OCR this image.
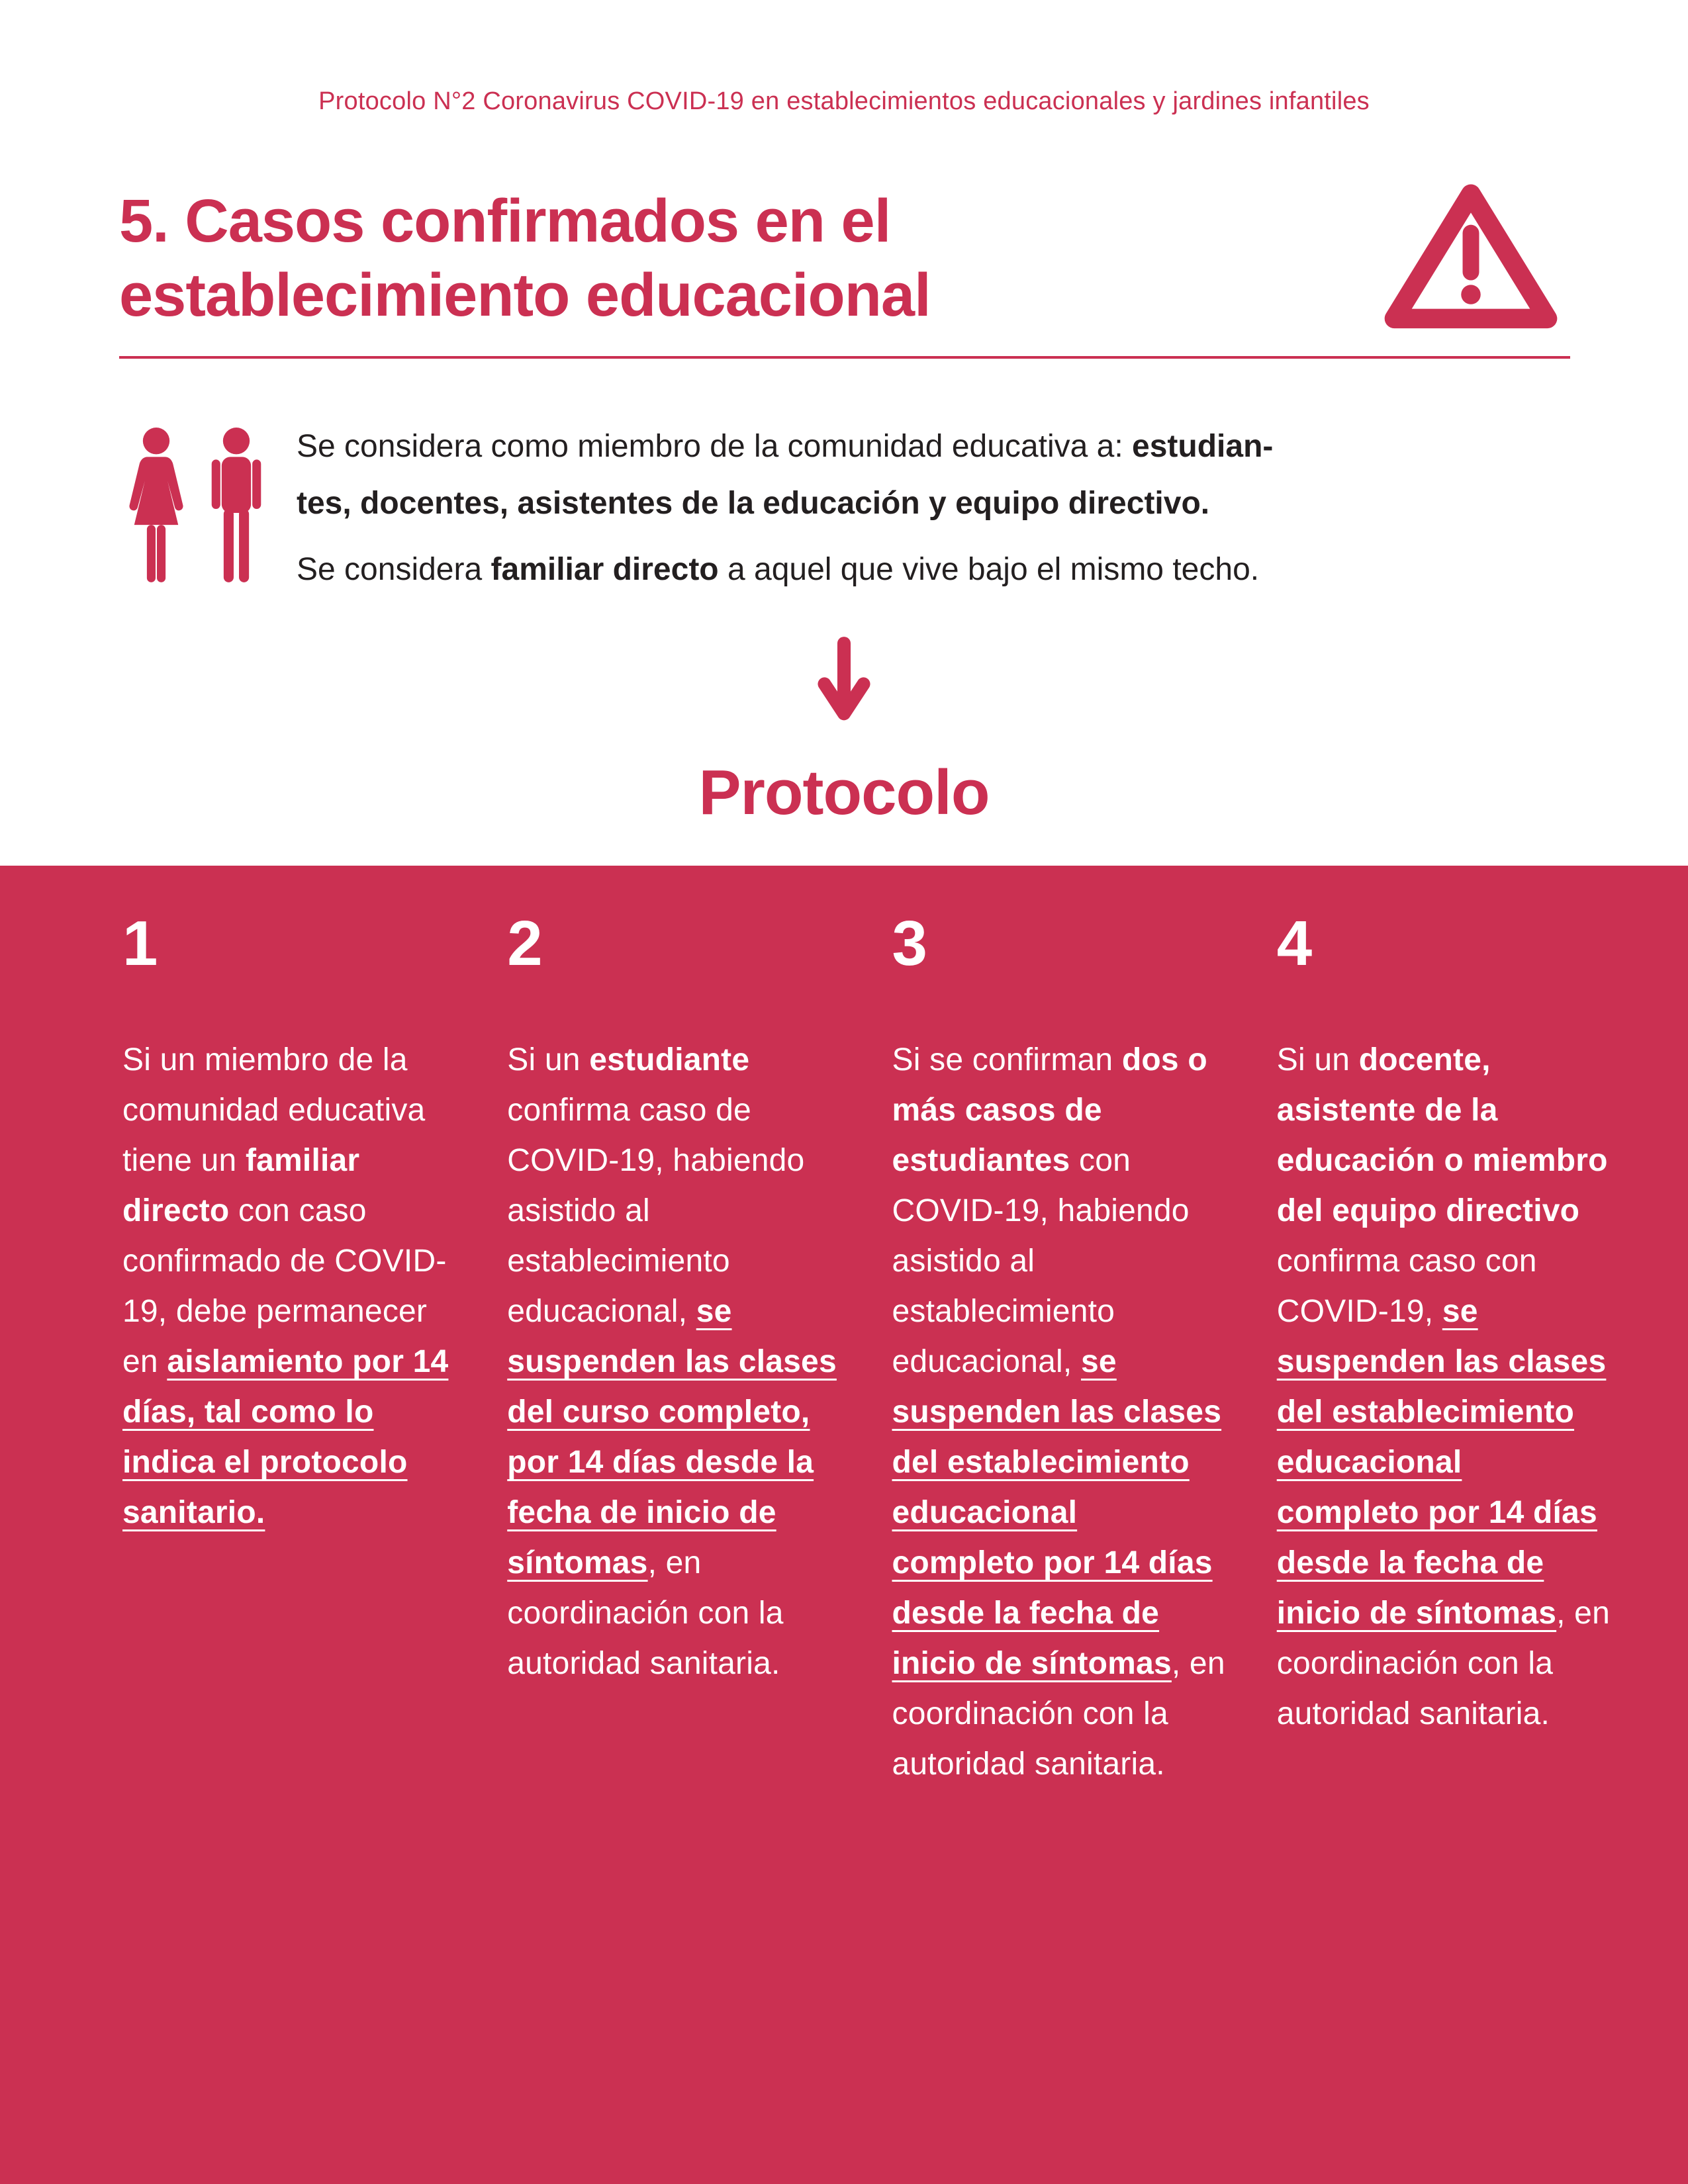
Protocolo N°2 Coronavirus COVID-19 en establecimientos educacionales y jardines infantiles
5. Casos confirmados en el
establecimiento educacional

Se considera como miembro de la comunidad educativa a: estudian-
tes, docentes, asistentes de la educación y equipo directivo.

Se considera familiar directo a aquel que vive bajo el mismo techo.

Protocolo

1

Si un miembro de la comunidad educativa tiene un familiar directo con caso confirmado de COVID-19, debe permanecer en aislamiento por 14 días, tal como lo indica el protocolo sanitario.

2

Si un estudiante confirma caso de COVID-19, habiendo asistido al establecimiento educacional, se suspenden las clases del curso completo, por 14 días desde la fecha de inicio de síntomas, en coordinación con la autoridad sanitaria.

3

Si se confirman dos o más casos de estudiantes con COVID-19, habiendo asistido al establecimiento educacional, se suspenden las clases del establecimiento educacional completo por 14 días desde la fecha de inicio de síntomas, en coordinación con la autoridad sanitaria.

4

Si un docente, asistente de la educación o miembro del equipo directivo confirma caso con COVID-19, se suspenden las clases del establecimiento educacional completo por 14 días desde la fecha de inicio de síntomas, en coordinación con la autoridad sanitaria.
